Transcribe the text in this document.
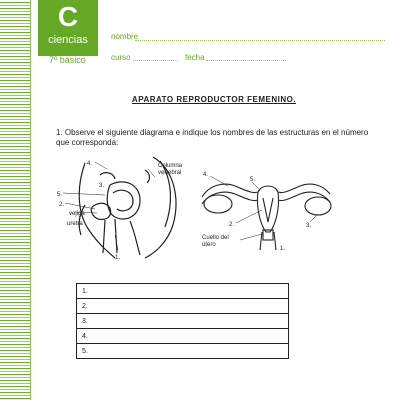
C
ciencias
7º básico
nombre
curso	fecha
APARATO REPRODUCTOR FEMENINO.
1. Observe el siguiente diagrama e indique los nombres de las estructuras en el número que corresponda:
4.
3.
5.
2.
1.
Columna
vertebral
vejiga
uretra
4.
5.
2.	3.
1.
Cuello del
útero
1.
2.
3.
4.
5.
